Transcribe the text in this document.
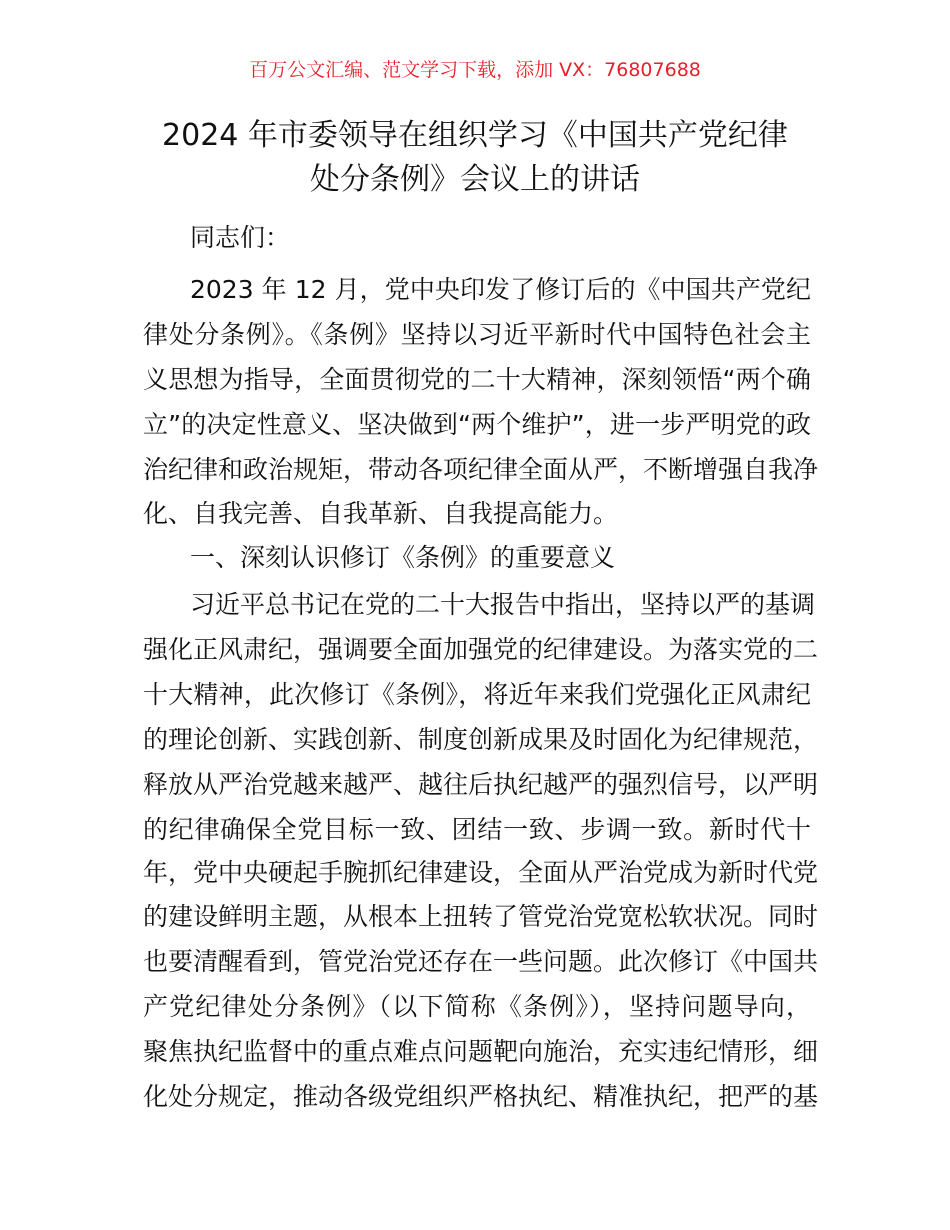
百万公文汇编、范文学习下载，添加 VX：76807688
2024 年市委领导在组织学习《中国共产党纪律
处分条例》会议上的讲话
同志们：
2023 年 12 月，党中央印发了修订后的《中国共产党纪
律处分条例》。《条例》坚持以习近平新时代中国特色社会主
义思想为指导，全面贯彻党的二十大精神，深刻领悟“两个确
立”的决定性意义、坚决做到“两个维护”，进一步严明党的政
治纪律和政治规矩，带动各项纪律全面从严，不断增强自我净
化、自我完善、自我革新、自我提高能力。
一、深刻认识修订《条例》的重要意义
习近平总书记在党的二十大报告中指出，坚持以严的基调
强化正风肃纪，强调要全面加强党的纪律建设。为落实党的二
十大精神，此次修订《条例》，将近年来我们党强化正风肃纪
的理论创新、实践创新、制度创新成果及时固化为纪律规范，
释放从严治党越来越严、越往后执纪越严的强烈信号，以严明
的纪律确保全党目标一致、团结一致、步调一致。新时代十
年，党中央硬起手腕抓纪律建设，全面从严治党成为新时代党
的建设鲜明主题，从根本上扭转了管党治党宽松软状况。同时
也要清醒看到，管党治党还存在一些问题。此次修订《中国共
产党纪律处分条例》（以下简称《条例》），坚持问题导向，
聚焦执纪监督中的重点难点问题靶向施治，充实违纪情形，细
化处分规定，推动各级党组织严格执纪、精准执纪，把严的基
